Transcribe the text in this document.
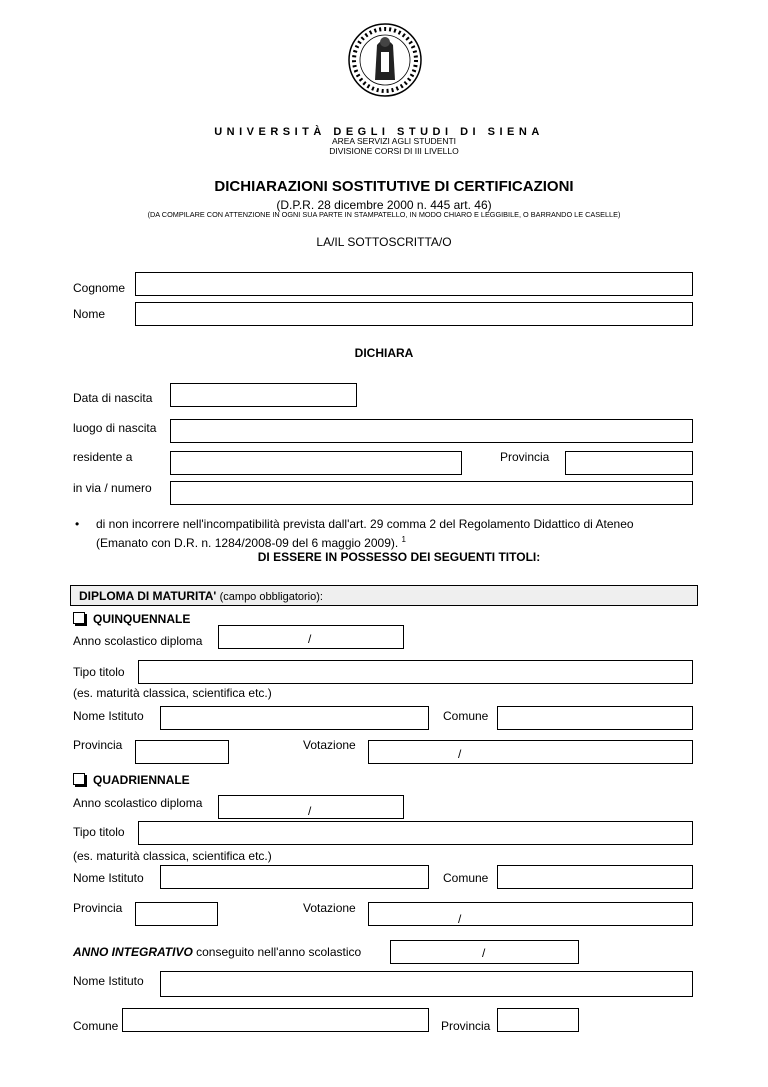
UNIVERSITÀ DEGLI STUDI DI SIENA
AREA SERVIZI AGLI STUDENTI
DIVISIONE CORSI DI III LIVELLO
DICHIARAZIONI SOSTITUTIVE DI CERTIFICAZIONI
(D.P.R. 28 dicembre 2000 n. 445 art. 46)
(DA COMPILARE CON ATTENZIONE IN OGNI SUA PARTE IN STAMPATELLO, IN MODO CHIARO E LEGGIBILE, O BARRANDO LE CASELLE)
LA/IL SOTTOSCRITTA/O
Cognome
Nome
DICHIARA
Data di nascita
luogo di nascita
residente a	Provincia
in via / numero
• di non incorrere nell'incompatibilità prevista dall'art. 29 comma 2 del Regolamento Didattico di Ateneo
(Emanato con D.R. n. 1284/2008-09 del 6 maggio 2009). $^1$
DI ESSERE IN POSSESSO DEI SEGUENTI TITOLI:
DIPLOMA DI MATURITA' (campo obbligatorio):
QUINQUENNALE
Anno scolastico diploma	/
Tipo titolo
(es. maturità classica, scientifica etc.)
Nome Istituto	Comune
Provincia	Votazione
/
QUADRIENNALE
Anno scolastico diploma
/
Tipo titolo
(es. maturità classica, scientifica etc.)
Nome Istituto	Comune
Provincia	Votazione
/
ANNO INTEGRATIVO conseguito nell'anno scolastico	/
Nome Istituto
Comune	Provincia
